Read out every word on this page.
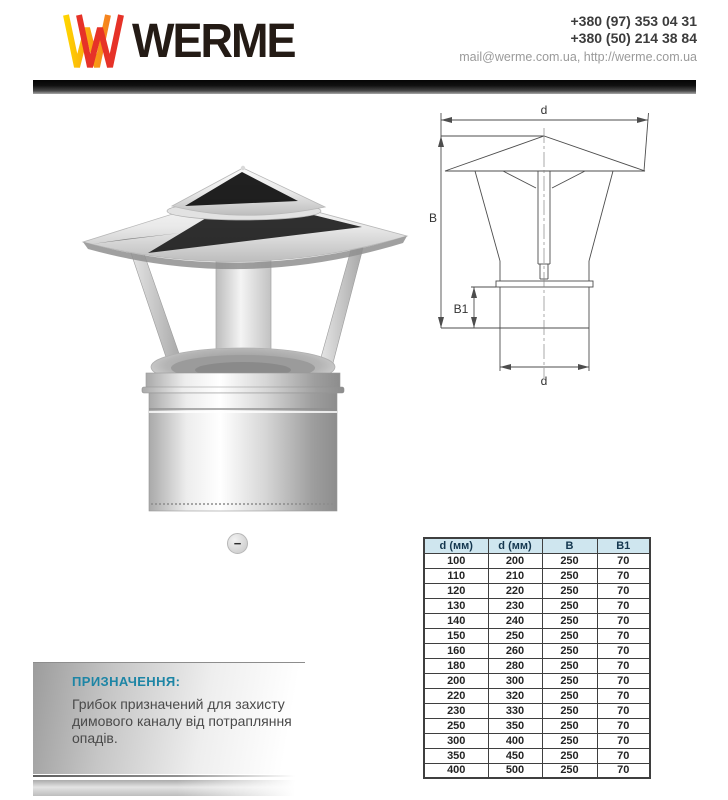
WERME	+380 (97) 353 04 31
+380 (50) 214 38 84
mail@werme.com.ua, http://werme.com.ua
−
d
B
B1
d
d (мм)	d (мм)	B	B1
100	200	250	70
110	210	250	70
120	220	250	70
130	230	250	70
140	240	250	70
150	250	250	70
160	260	250	70
180	280	250	70
200	300	250	70
220	320	250	70
230	330	250	70
250	350	250	70
300	400	250	70
350	450	250	70
400	500	250	70
ПРИЗНАЧЕННЯ:

Грибок призначений для захисту димового каналу від потрапляння опадів.
